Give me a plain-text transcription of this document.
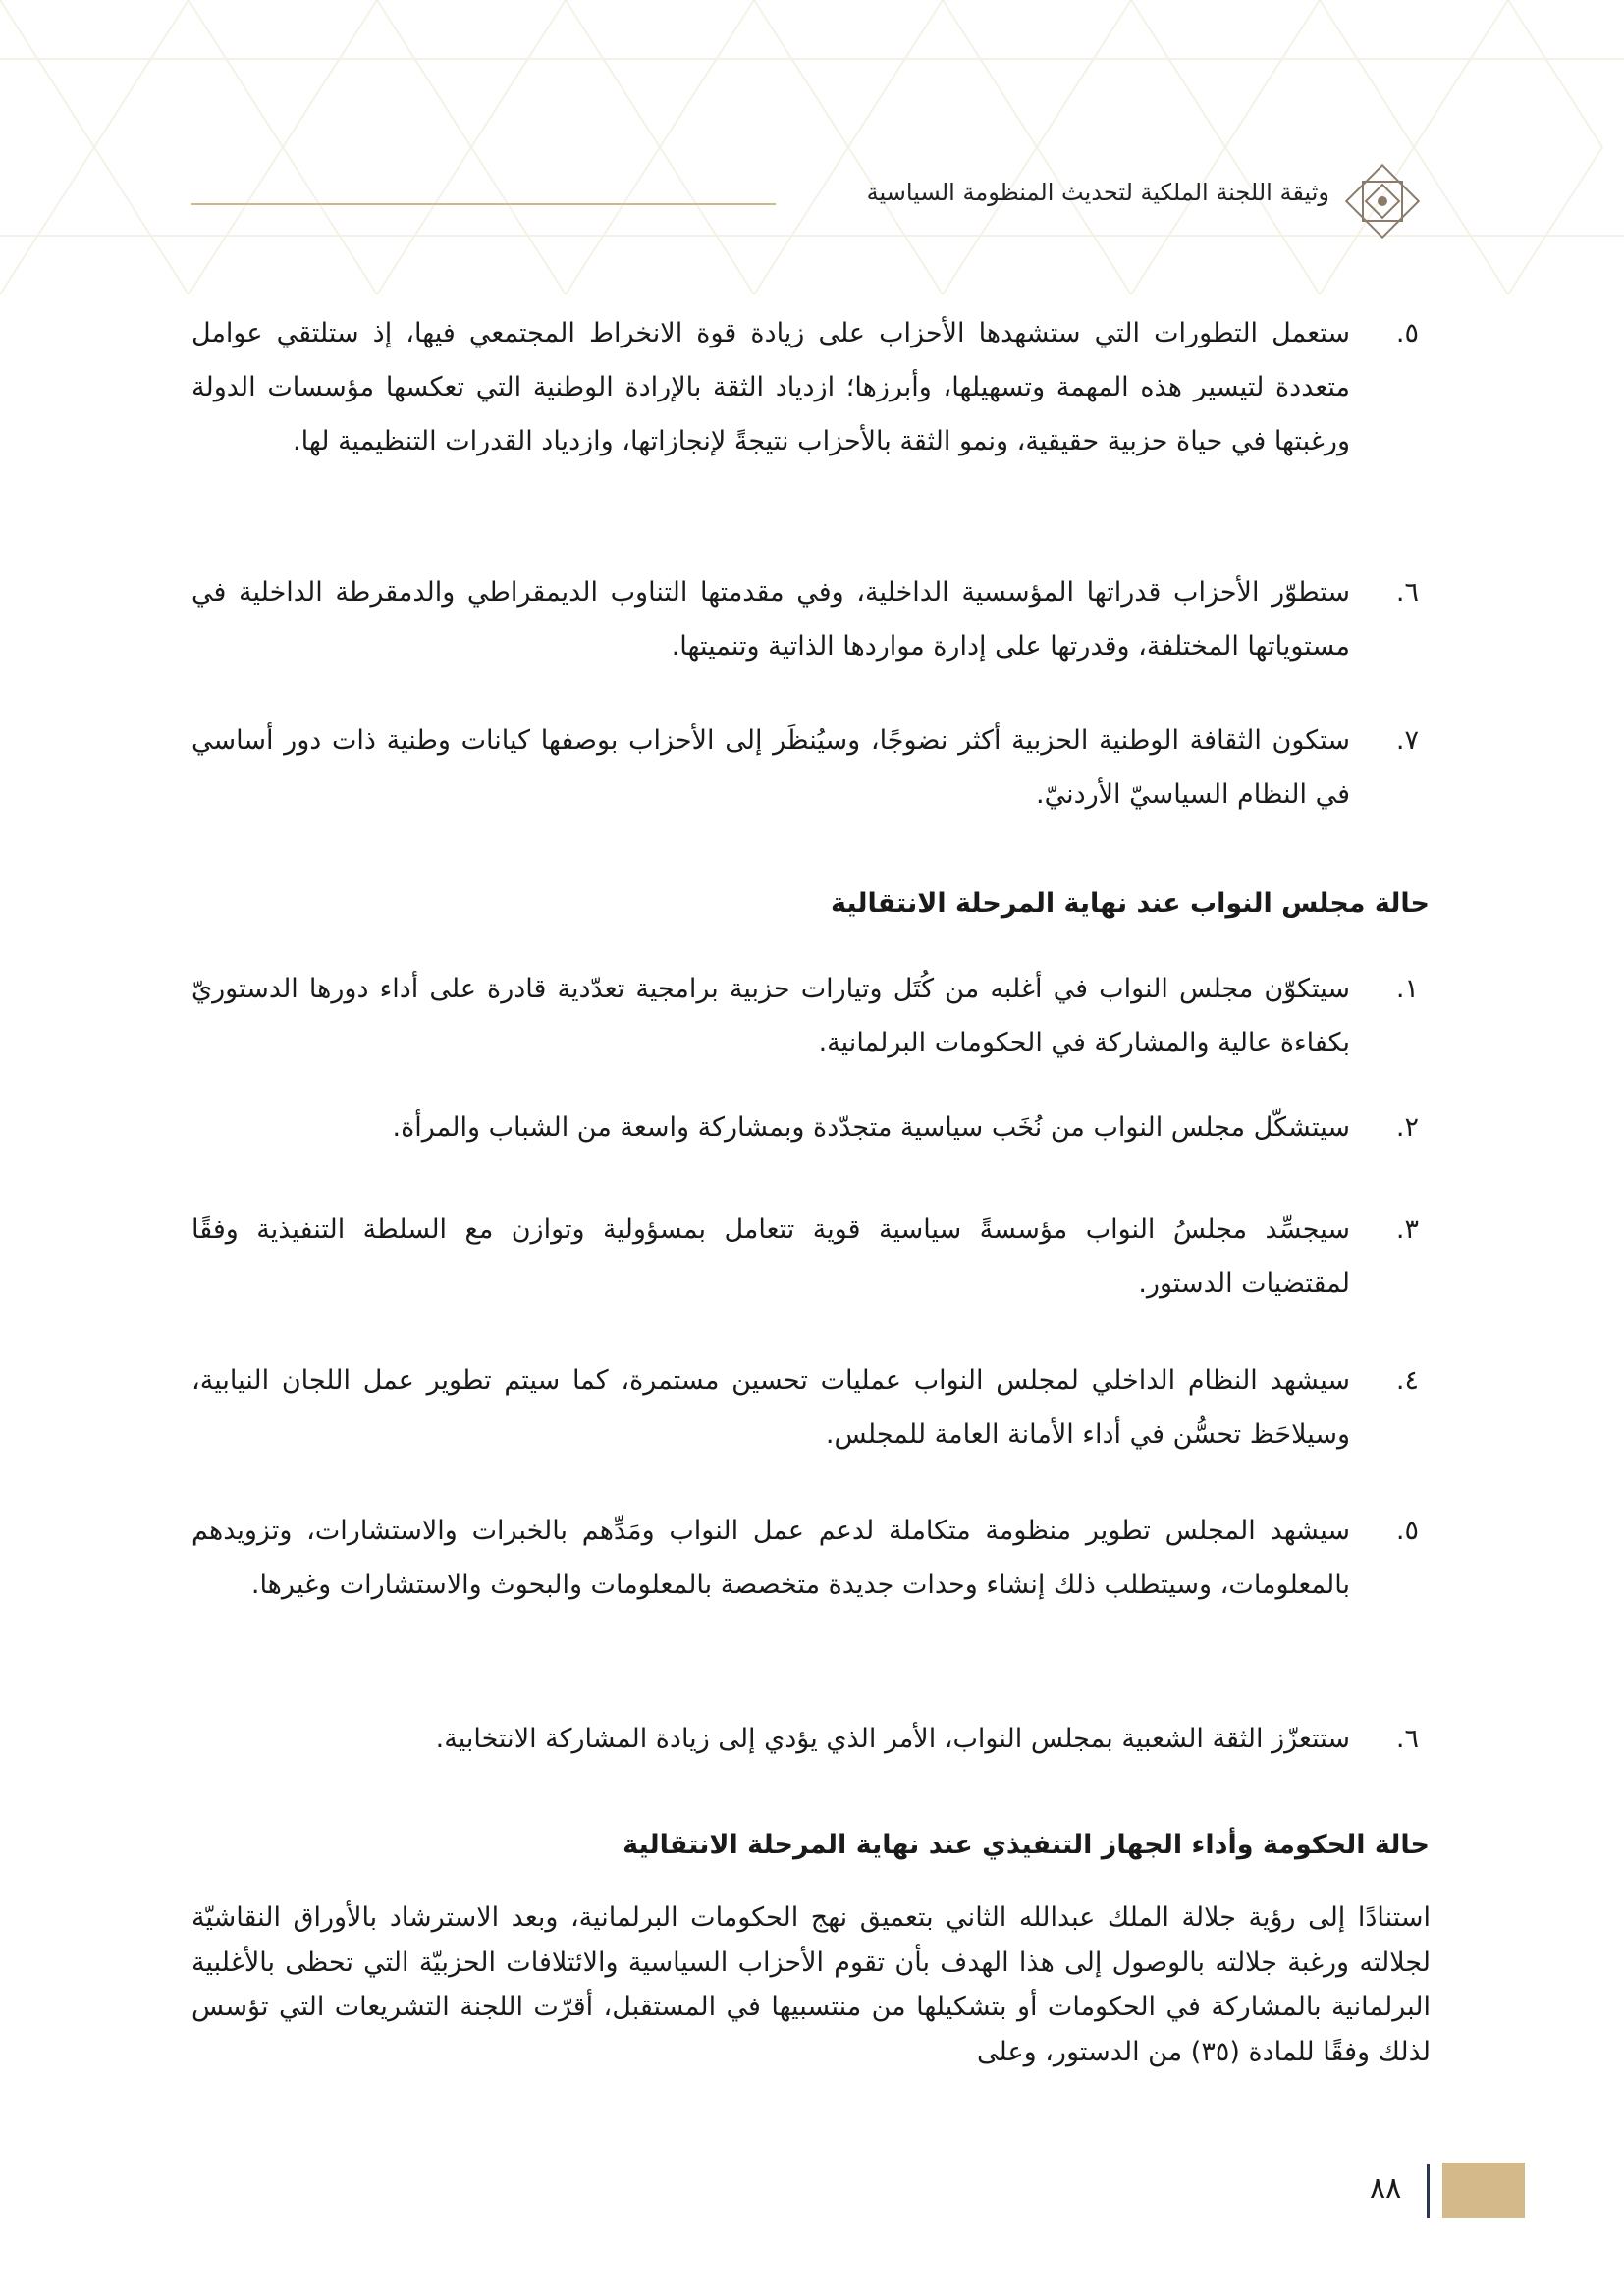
وثيقة اللجنة الملكية لتحديث المنظومة السياسية
٥.
ستعمل التطورات التي ستشهدها الأحزاب على زيادة قوة الانخراط المجتمعي فيها، إذ ستلتقي عوامل متعددة لتيسير هذه المهمة وتسهيلها، وأبرزها؛ ازدياد الثقة بالإرادة الوطنية التي تعكسها مؤسسات الدولة ورغبتها في حياة حزبية حقيقية، ونمو الثقة بالأحزاب نتيجةً لإنجازاتها، وازدياد القدرات التنظيمية لها.
٦.
ستطوّر الأحزاب قدراتها المؤسسية الداخلية، وفي مقدمتها التناوب الديمقراطي والدمقرطة الداخلية في مستوياتها المختلفة، وقدرتها على إدارة مواردها الذاتية وتنميتها.
٧.
ستكون الثقافة الوطنية الحزبية أكثر نضوجًا، وسيُنظَر إلى الأحزاب بوصفها كيانات وطنية ذات دور أساسي في النظام السياسيّ الأردنيّ.
حالة مجلس النواب عند نهاية المرحلة الانتقالية
١.
سيتكوّن مجلس النواب في أغلبه من كُتَل وتيارات حزبية برامجية تعدّدية قادرة على أداء دورها الدستوريّ بكفاءة عالية والمشاركة في الحكومات البرلمانية.
٢.
سيتشكّل مجلس النواب من نُخَب سياسية متجدّدة وبمشاركة واسعة من الشباب والمرأة.
٣.
سيجسِّد مجلسُ النواب مؤسسةً سياسية قوية تتعامل بمسؤولية وتوازن مع السلطة التنفيذية وفقًا لمقتضيات الدستور.
٤.
سيشهد النظام الداخلي لمجلس النواب عمليات تحسين مستمرة، كما سيتم تطوير عمل اللجان النيابية، وسيلاحَظ تحسُّن في أداء الأمانة العامة للمجلس.
٥.
سيشهد المجلس تطوير منظومة متكاملة لدعم عمل النواب ومَدِّهم بالخبرات والاستشارات، وتزويدهم بالمعلومات، وسيتطلب ذلك إنشاء وحدات جديدة متخصصة بالمعلومات والبحوث والاستشارات وغيرها.
٦.
ستتعزّز الثقة الشعبية بمجلس النواب، الأمر الذي يؤدي إلى زيادة المشاركة الانتخابية.
حالة الحكومة وأداء الجهاز التنفيذي عند نهاية المرحلة الانتقالية
استنادًا إلى رؤية جلالة الملك عبدالله الثاني بتعميق نهج الحكومات البرلمانية، وبعد الاسترشاد بالأوراق النقاشيّة لجلالته ورغبة جلالته بالوصول إلى هذا الهدف بأن تقوم الأحزاب السياسية والائتلافات الحزبيّة التي تحظى بالأغلبية البرلمانية بالمشاركة في الحكومات أو بتشكيلها من منتسبيها في المستقبل، أقرّت اللجنة التشريعات التي تؤسس لذلك وفقًا للمادة (٣٥) من الدستور، وعلى
٨٨
